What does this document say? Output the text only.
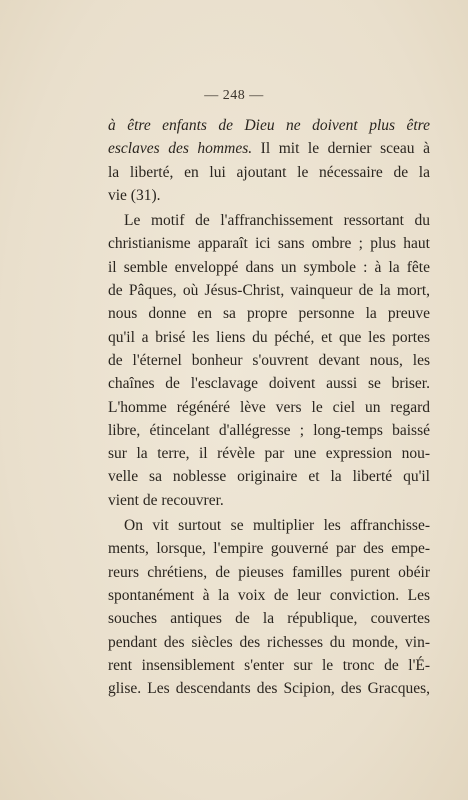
— 248 —
à être enfants de Dieu ne doivent plus être
esclaves des hommes. Il mit le dernier sceau à
la liberté, en lui ajoutant le nécessaire de la
vie (31).
Le motif de l'affranchissement ressortant du
christianisme apparaît ici sans ombre ; plus haut
il semble enveloppé dans un symbole : à la fête
de Pâques, où Jésus-Christ, vainqueur de la mort,
nous donne en sa propre personne la preuve
qu'il a brisé les liens du péché, et que les portes
de l'éternel bonheur s'ouvrent devant nous, les
chaînes de l'esclavage doivent aussi se briser.
L'homme régénéré lève vers le ciel un regard
libre, étincelant d'allégresse ; long-temps baissé
sur la terre, il révèle par une expression nou-
velle sa noblesse originaire et la liberté qu'il
vient de recouvrer.
On vit surtout se multiplier les affranchisse-
ments, lorsque, l'empire gouverné par des empe-
reurs chrétiens, de pieuses familles purent obéir
spontanément à la voix de leur conviction. Les
souches antiques de la république, couvertes
pendant des siècles des richesses du monde, vin-
rent insensiblement s'enter sur le tronc de l'É-
glise. Les descendants des Scipion, des Gracques,
